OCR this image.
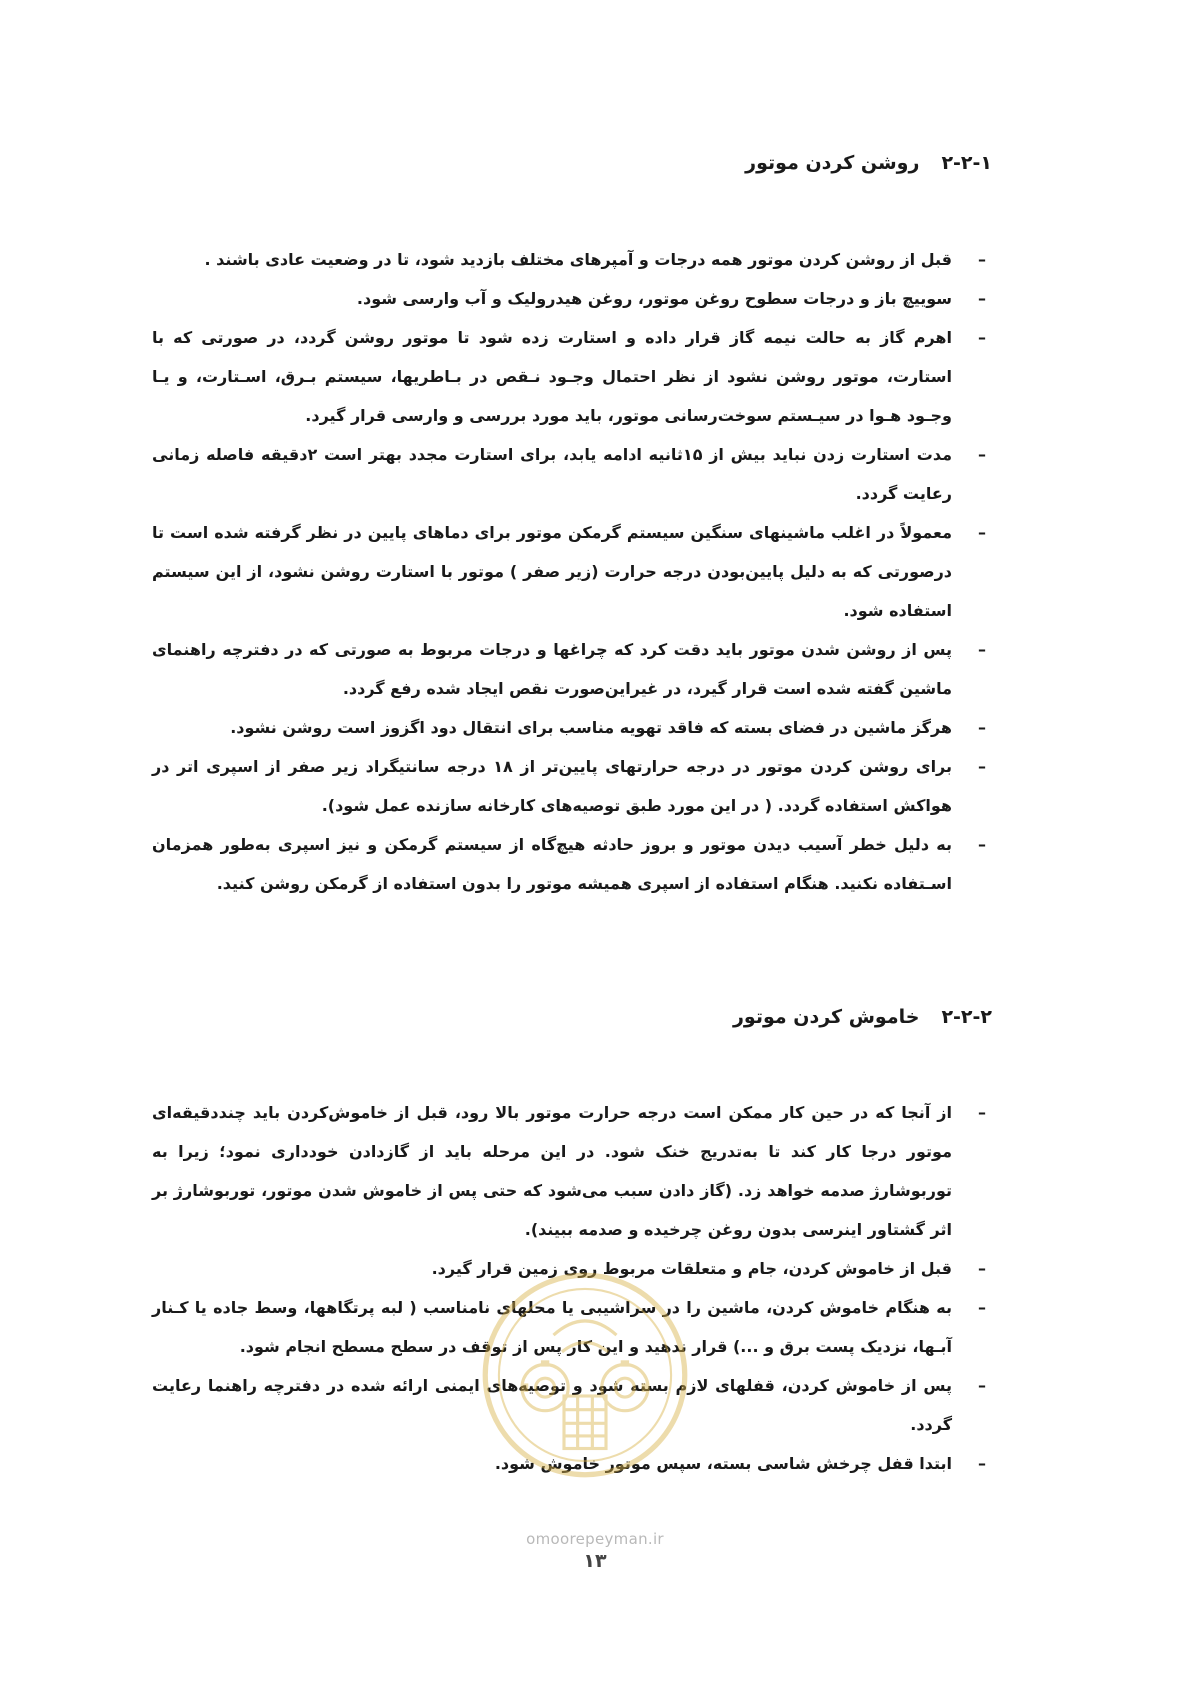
۲-۲-۱روشن کردن موتور
–
قبل از روشن کردن موتور همه درجات و آمپرهای مختلف بازدید شود، تا در وضعیت عادی باشند .
–
سوییچ باز و درجات سطوح روغن موتور، روغن هیدرولیک و آب وارسی شود.
–
اهرم گاز به حالت نیمه گاز قرار داده و استارت زده شود تا موتور روشن گردد، در صورتی که با استارت، موتور روشن نشود از نظر احتمال وجـود نـقص در بـاطریها، سیستم بـرق، اسـتارت، و یـا وجـود هـوا در سیـستم سوخت‌رسانی موتور، باید مورد بررسی و وارسی قرار گیرد.
–
مدت استارت زدن نباید بیش از ۱۵ثانیه ادامه یابد، برای استارت مجدد بهتر است ۲دقیقه فاصله زمانی رعایت گردد.
–
معمولاً در اغلب ماشینهای سنگین سیستم گرمکن موتور برای دماهای پایین در نظر گرفته شده است تا درصورتی که به دلیل پایین‌بودن درجه حرارت (زیر صفر ) موتور با استارت روشن نشود، از این سیستم استفاده شود.
–
پس از روشن شدن موتور باید دقت کرد که چراغها و درجات مربوط به صورتی که در دفترچه راهنمای ماشین گفته شده است قرار گیرد، در غیراین‌صورت نقص ایجاد شده رفع گردد.
–
هرگز ماشین در فضای بسته که فاقد تهویه مناسب برای انتقال دود اگزوز است روشن نشود.
–
برای روشن کردن موتور در درجه حرارتهای پایین‌تر از ۱۸ درجه سانتیگراد زیر صفر از اسپری اتر در هواکش استفاده گردد. ( در این مورد طبق توصیه‌های کارخانه سازنده عمل شود).
–
به دلیل خطر آسیب دیدن موتور و بروز حادثه هیچ‌گاه از سیستم گرمکن و نیز اسپری به‌طور همزمان اسـتفاده نکنید. هنگام استفاده از اسپری همیشه موتور را بدون استفاده از گرمکن روشن کنید.
۲-۲-۲خاموش کردن موتور
–
از آنجا که در حین کار ممکن است درجه حرارت موتور بالا رود، قبل از خاموش‌کردن باید چنددقیقه‌ای موتور درجا کار کند تا به‌تدریج خنک شود. در این مرحله باید از گازدادن خودداری نمود؛ زیرا به توربوشارژ صدمه خواهد زد. (گاز دادن سبب می‌شود که حتی پس از خاموش شدن موتور، توربوشارژ بر اثر گشتاور اینرسی بدون روغن چرخیده و صدمه ببیند).
–
قبل از خاموش کردن، جام و متعلقات مربوط روی زمین قرار گیرد.
–
به هنگام خاموش کردن، ماشین را در سراشیبی یا محلهای نامناسب ( لبه پرتگاهها، وسط جاده یا کـنار آبـها، نزدیک پست برق و ...) قرار ندهید و این کار پس از توقف در سطح مسطح انجام شود.
–
پس از خاموش کردن، قفلهای لازم بسته شود و توصیه‌های ایمنی ارائه شده در دفترچه راهنما رعایت گردد.
–
ابتدا قفل چرخش شاسی بسته، سپس موتور خاموش شود.
omoorepeyman.ir
۱۳
